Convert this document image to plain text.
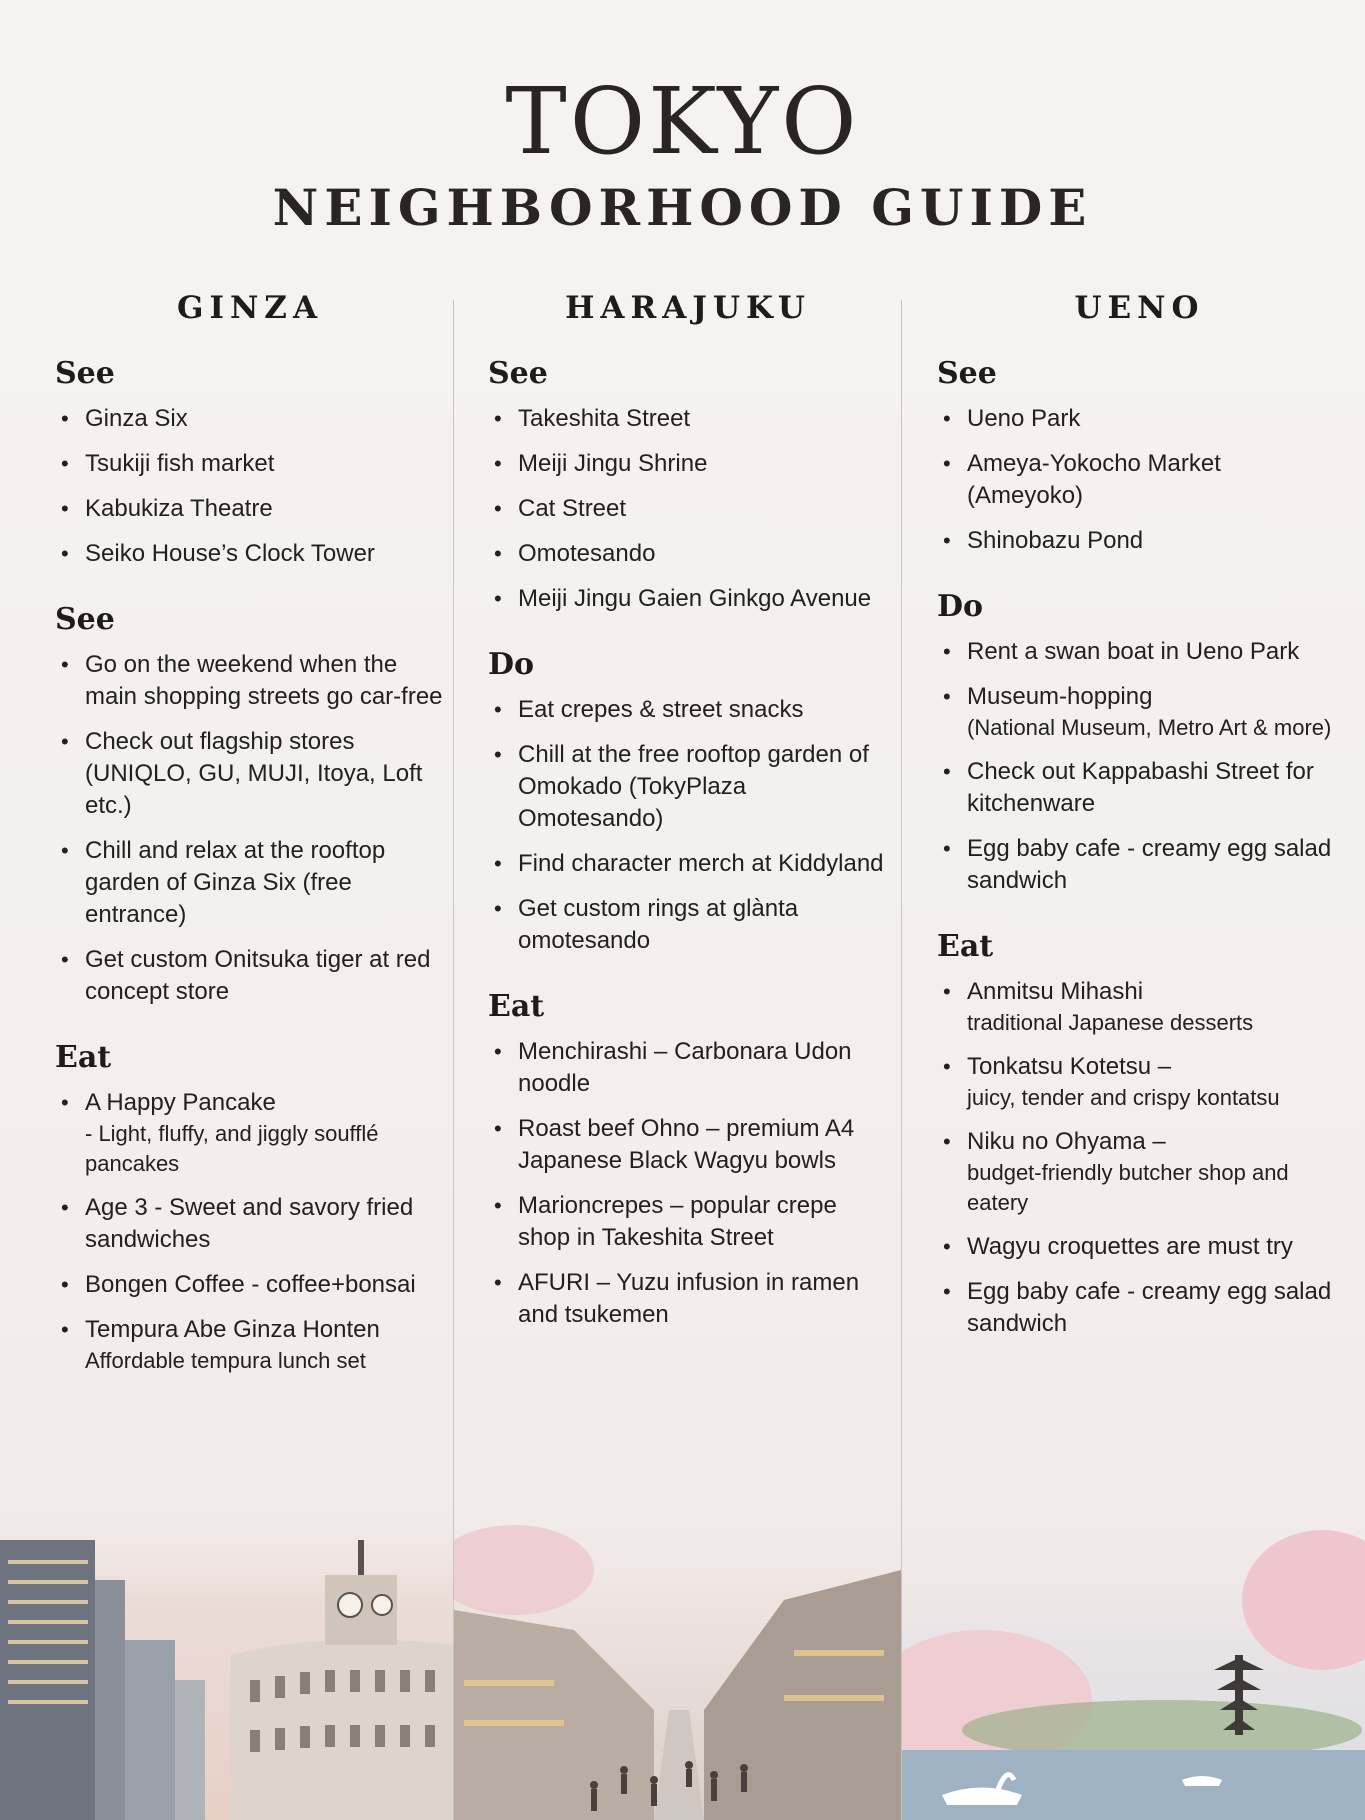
TOKYO
NEIGHBORHOOD GUIDE
GINZA
See
• Ginza Six
• Tsukiji fish market
• Kabukiza Theatre
• Seiko House’s Clock Tower
See
• Go on the weekend when the main shopping streets go car-free
• Check out flagship stores (UNIQLO, GU, MUJI, Itoya, Loft etc.)
• Chill and relax at the rooftop garden of Ginza Six (free entrance)
• Get custom Onitsuka tiger at red concept store
Eat
• A Happy Pancake
- Light, fluffy, and jiggly soufflé pancakes
• Age 3 - Sweet and savory fried sandwiches
• Bongen Coffee - coffee+bonsai
• Tempura Abe Ginza Honten
Affordable tempura lunch set
HARAJUKU
See
• Takeshita Street
• Meiji Jingu Shrine
• Cat Street
• Omotesando
• Meiji Jingu Gaien Ginkgo Avenue
Do
• Eat crepes & street snacks
• Chill at the free rooftop garden of Omokado (TokyPlaza Omotesando)
• Find character merch at Kiddyland
• Get custom rings at glànta omotesando
Eat
• Menchirashi – Carbonara Udon noodle
• Roast beef Ohno – premium A4 Japanese Black Wagyu bowls
• Marioncrepes – popular crepe shop in Takeshita Street
• AFURI – Yuzu infusion in ramen and tsukemen
UENO
See
• Ueno Park
• Ameya-Yokocho Market (Ameyoko)
• Shinobazu Pond
Do
• Rent a swan boat in Ueno Park
• Museum-hopping
(National Museum, Metro Art & more)
• Check out Kappabashi Street for kitchenware
• Egg baby cafe - creamy egg salad sandwich
Eat
• Anmitsu Mihashi
traditional Japanese desserts
• Tonkatsu Kotetsu –
juicy, tender and crispy kontatsu
• Niku no Ohyama –
budget-friendly butcher shop and eatery
• Wagyu croquettes are must try
• Egg baby cafe - creamy egg salad sandwich
